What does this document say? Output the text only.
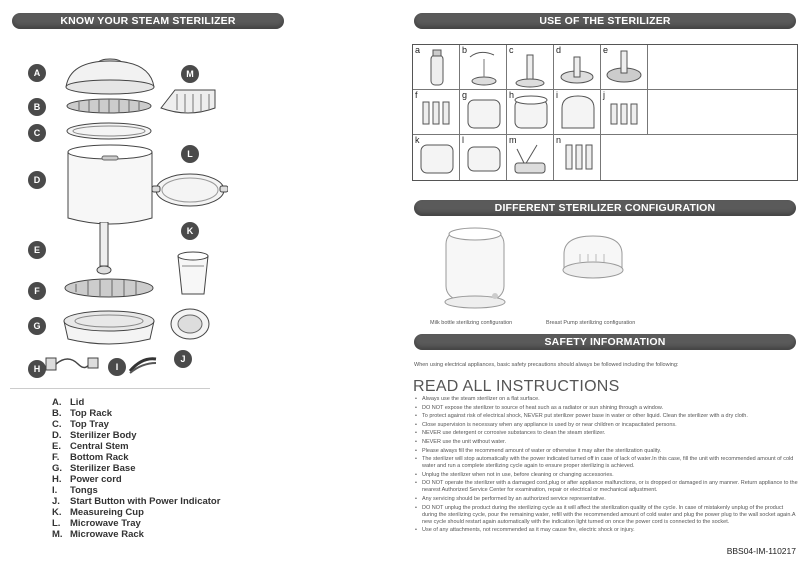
KNOW YOUR STEAM STERILIZER
A
B
C
D
E
F
G
H	I
J
K
L
M
A. Lid
B. Top Rack
C. Top Tray
D. Sterilizer Body
E. Central Stem
F. Bottom Rack
G. Sterilizer Base
H. Power cord
I. Tongs
J. Start Button with Power Indicator
K. Measureing Cup
L. Microwave Tray
M. Microwave Rack
USE OF THE STERILIZER
a	b	c	d	e
f	g	h	i	j
k	l	m	n
DIFFERENT STERILIZER CONFIGURATION
Milk bottle sterilizing configuration	Breast Pump sterilizing configuration
SAFETY INFORMATION
When using electrical appliances, basic safety precautions should always be followed including the following:
READ ALL INSTRUCTIONS
• Always use the steam sterilizer on a flat surface.
• DO NOT expose the sterilizer to source of heat such as a radiator or sun shining through a window.
• To protect against risk of electrical shock, NEVER put sterilizer power base in water or other liquid. Clean the sterilizer with a dry cloth.
• Close supervision is necessary when any appliance is used by or near children or incapacitated persons.
• NEVER use detergent or corrosive substances to clean the steam sterilizer.
• NEVER use the unit without water.
• Please always fill the recommend amount of water or otherwise it may alter the sterilization quality.
• The sterilizer will stop automatically with the power indicated turned off in case of lack of water.In this case, fill the unit with recommended amount of cold water and run a complete sterilizing cycle again to ensure proper sterilizing is achieved.
• Unplug the sterilizer when not in use, before cleaning or changing accessories.
• DO NOT operate the sterilizer with a damaged cord,plug or after appliance malfunctions, or is dropped or damaged in any manner. Return appliance to the nearest Authorized Service Center for examination, repair or electrical or mechanical adjustment.
• Any servicing should be performed by an authorized service representative.
• DO NOT unplug the product during the sterilizing cycle as it will affect the sterilization quality of the cycle. In case of mistakenly unplug of the product during the sterilizing cycle, pour the remaining water, refill with the recommended amount of cold water and plug the power plug to the wall socket again.A new cycle should restart again automatically with the indication light turned on once the power cord is connected to the socket.
• Use of any attachments, not recommended as it may cause fire, electric shock or injury.
BBS04-IM-110217
